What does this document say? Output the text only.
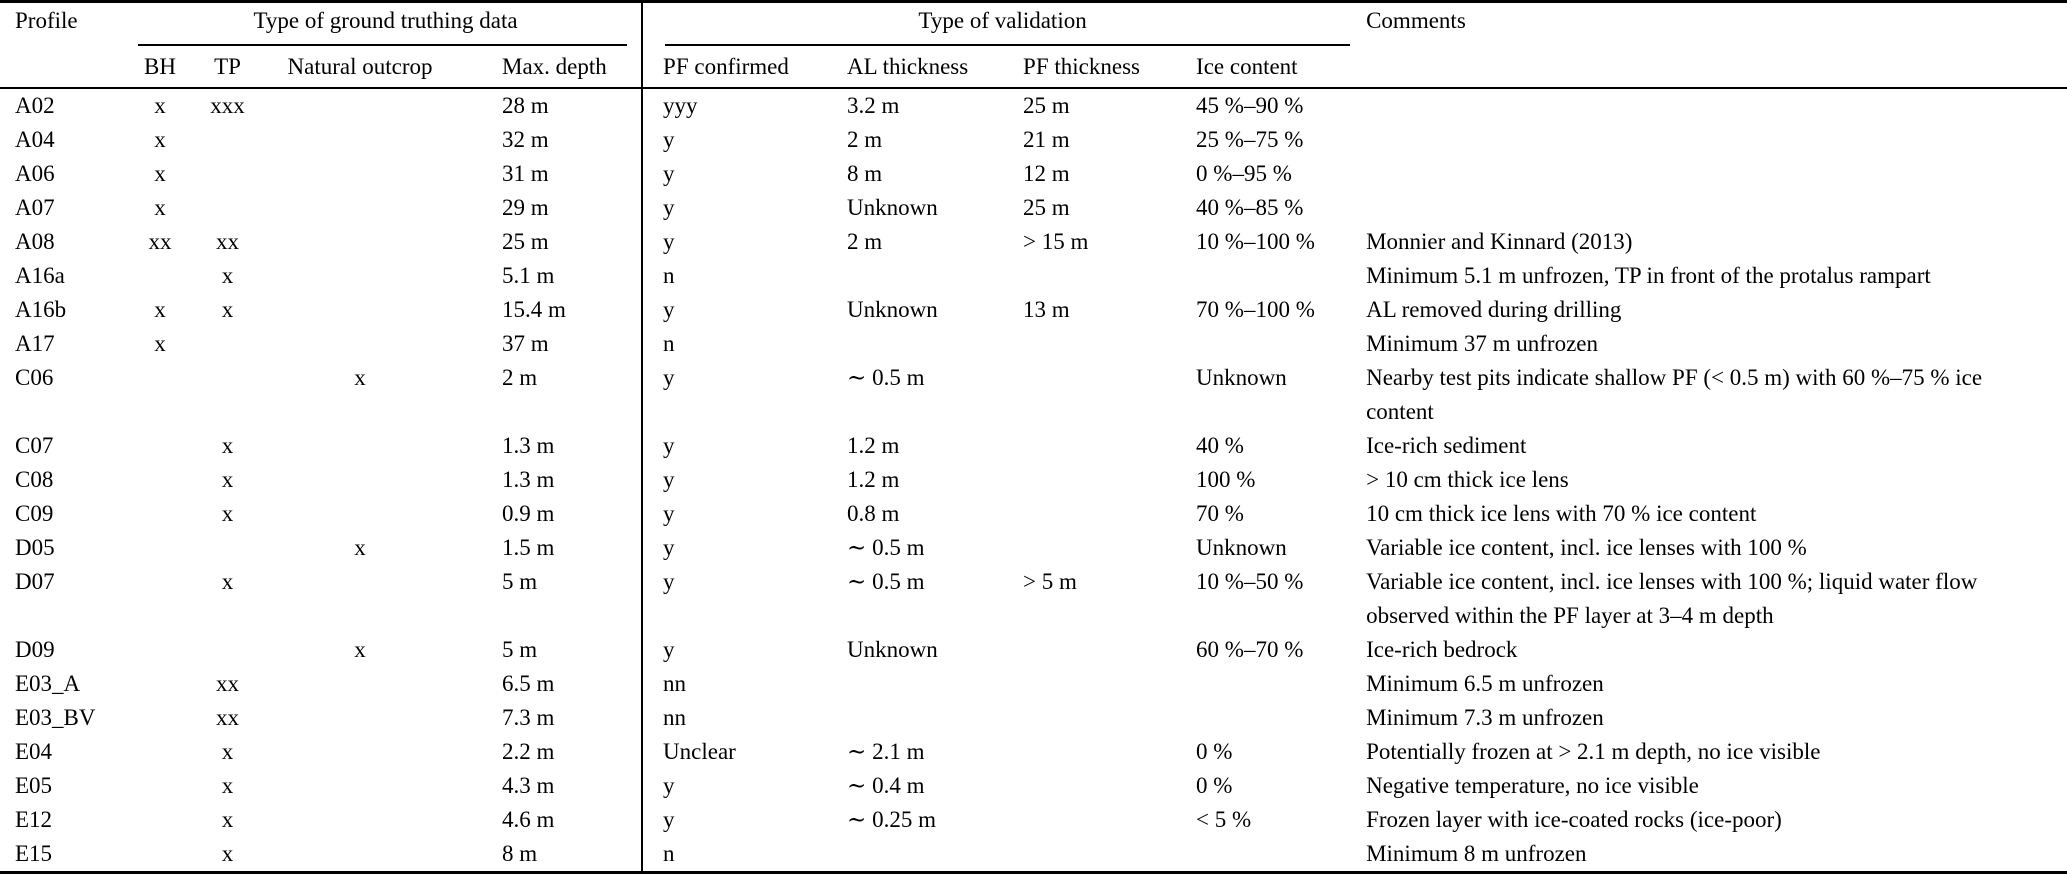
Profile	Type of ground truthing data				Type of validation				Comments
	BH	TP	Natural outcrop	Max. depth	PF confirmed	AL thickness	PF thickness	Ice content	
A02	x	xxx		28 m	yyy	3.2 m	25 m	45 %–90 %	
A04	x			32 m	y	2 m	21 m	25 %–75 %	
A06	x			31 m	y	8 m	12 m	0 %–95 %	
A07	x			29 m	y	Unknown	25 m	40 %–85 %	
A08	xx	xx		25 m	y	2 m	> 15 m	10 %–100 %	Monnier and Kinnard (2013)
A16a		x		5.1 m	n				Minimum 5.1 m unfrozen, TP in front of the protalus rampart
A16b	x	x		15.4 m	y	Unknown	13 m	70 %–100 %	AL removed during drilling
A17	x			37 m	n				Minimum 37 m unfrozen
C06			x	2 m	y	∼ 0.5 m		Unknown	Nearby test pits indicate shallow PF (< 0.5 m) with 60 %–75 % ice content
C07		x		1.3 m	y	1.2 m		40 %	Ice-rich sediment
C08		x		1.3 m	y	1.2 m		100 %	> 10 cm thick ice lens
C09		x		0.9 m	y	0.8 m		70 %	10 cm thick ice lens with 70 % ice content
D05			x	1.5 m	y	∼ 0.5 m		Unknown	Variable ice content, incl. ice lenses with 100 %
D07		x		5 m	y	∼ 0.5 m	> 5 m	10 %–50 %	Variable ice content, incl. ice lenses with 100 %; liquid water flow observed within the PF layer at 3–4 m depth
D09			x	5 m	y	Unknown		60 %–70 %	Ice-rich bedrock
E03_A		xx		6.5 m	nn				Minimum 6.5 m unfrozen
E03_BV		xx		7.3 m	nn				Minimum 7.3 m unfrozen
E04		x		2.2 m	Unclear	∼ 2.1 m		0 %	Potentially frozen at > 2.1 m depth, no ice visible
E05		x		4.3 m	y	∼ 0.4 m		0 %	Negative temperature, no ice visible
E12		x		4.6 m	y	∼ 0.25 m		< 5 %	Frozen layer with ice-coated rocks (ice-poor)
E15		x		8 m	n				Minimum 8 m unfrozen
